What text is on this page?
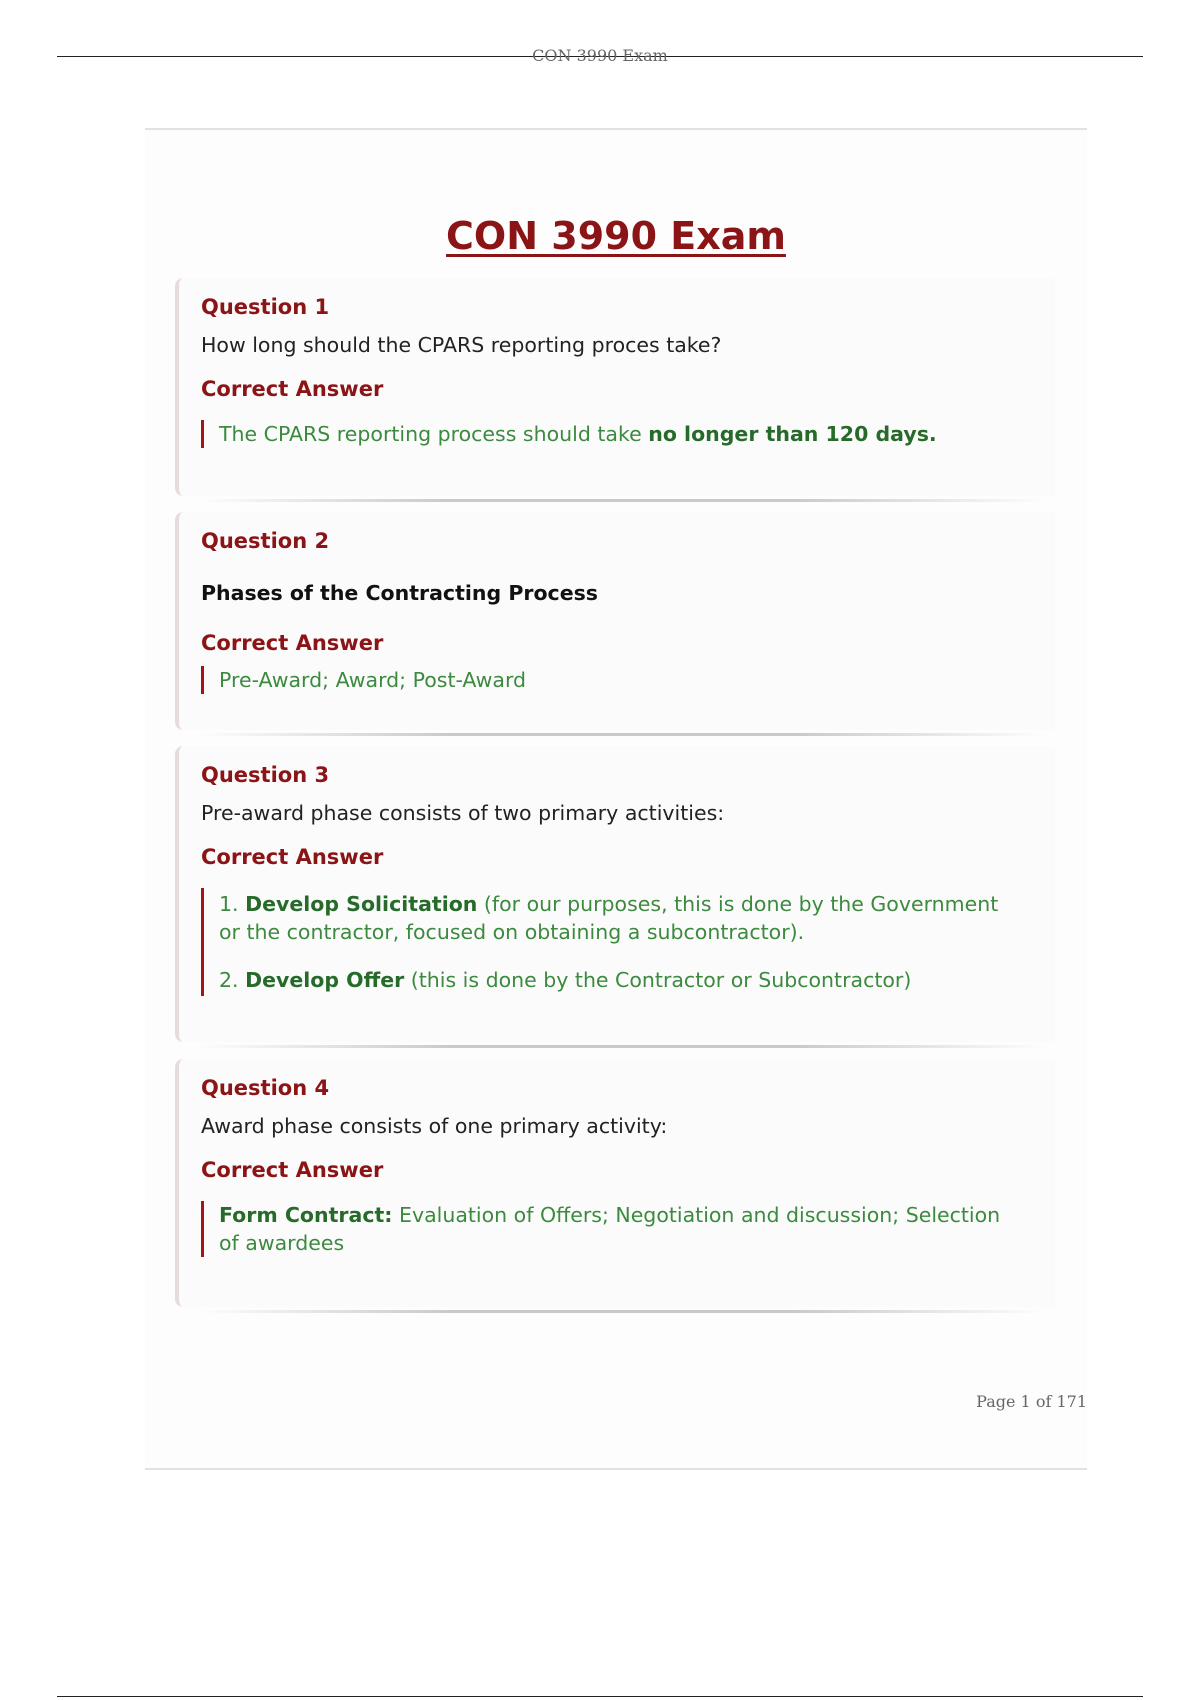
CON 3990 Exam
CON 3990 Exam
Question 1
How long should the CPARS reporting proces take?
Correct Answer
The CPARS reporting process should take no longer than 120 days.
Question 2
Phases of the Contracting Process
Correct Answer
Pre-Award; Award; Post-Award
Question 3
Pre-award phase consists of two primary activities:
Correct Answer

1. Develop Solicitation (for our purposes, this is done by the Government or the contractor, focused on obtaining a subcontractor).

2. Develop Offer (this is done by the Contractor or Subcontractor)

Question 4
Award phase consists of one primary activity:
Correct Answer
Form Contract: Evaluation of Offers; Negotiation and discussion; Selection of awardees
Page 1 of 171
